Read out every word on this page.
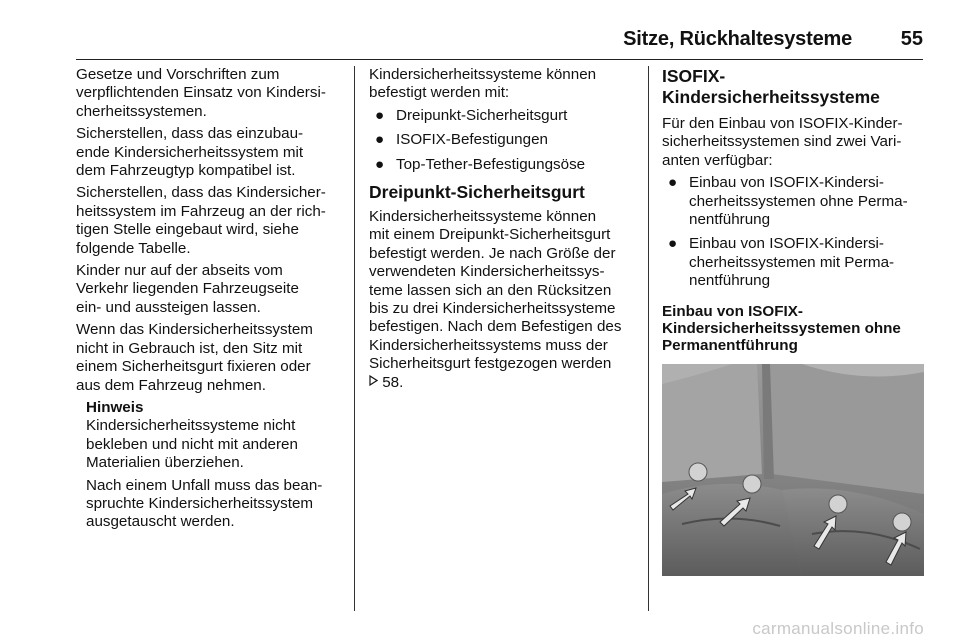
Sitze, Rückhaltesysteme 55

Gesetze und Vorschriften zum
verpflichtenden Einsatz von Kindersi-
cherheitssystemen.

Sicherstellen, dass das einzubau-
ende Kindersicherheitssystem mit
dem Fahrzeugtyp kompatibel ist.

Sicherstellen, dass das Kindersicher-
heitssystem im Fahrzeug an der rich-
tigen Stelle eingebaut wird, siehe
folgende Tabelle.

Kinder nur auf der abseits vom
Verkehr liegenden Fahrzeugseite
ein- und aussteigen lassen.

Wenn das Kindersicherheitssystem
nicht in Gebrauch ist, den Sitz mit
einem Sicherheitsgurt fixieren oder
aus dem Fahrzeug nehmen.

Hinweis

Kindersicherheitssysteme nicht
bekleben und nicht mit anderen
Materialien überziehen.

Nach einem Unfall muss das bean-
spruchte Kindersicherheitssystem
ausgetauscht werden.

Kindersicherheitssysteme können
befestigt werden mit:

● Dreipunkt-Sicherheitsgurt
● ISOFIX-Befestigungen
● Top-Tether-Befestigungsöse
Dreipunkt-Sicherheitsgurt

Kindersicherheitssysteme können
mit einem Dreipunkt-Sicherheitsgurt
befestigt werden. Je nach Größe der
verwendeten Kindersicherheitssys-
teme lassen sich an den Rücksitzen
bis zu drei Kindersicherheitssysteme
befestigen. Nach dem Befestigen des
Kindersicherheitssystems muss der
Sicherheitsgurt festgezogen werden
58.

ISOFIX-
Kindersicherheitssysteme

Für den Einbau von ISOFIX-Kinder-
sicherheitssystemen sind zwei Vari-
anten verfügbar:

● Einbau von ISOFIX-Kindersi-
cherheitssystemen ohne Perma-
nentführung
● Einbau von ISOFIX-Kindersi-
cherheitssystemen mit Perma-
nentführung
Einbau von ISOFIX-
Kindersicherheitssystemen ohne
Permanentführung
carmanualsonline.info
